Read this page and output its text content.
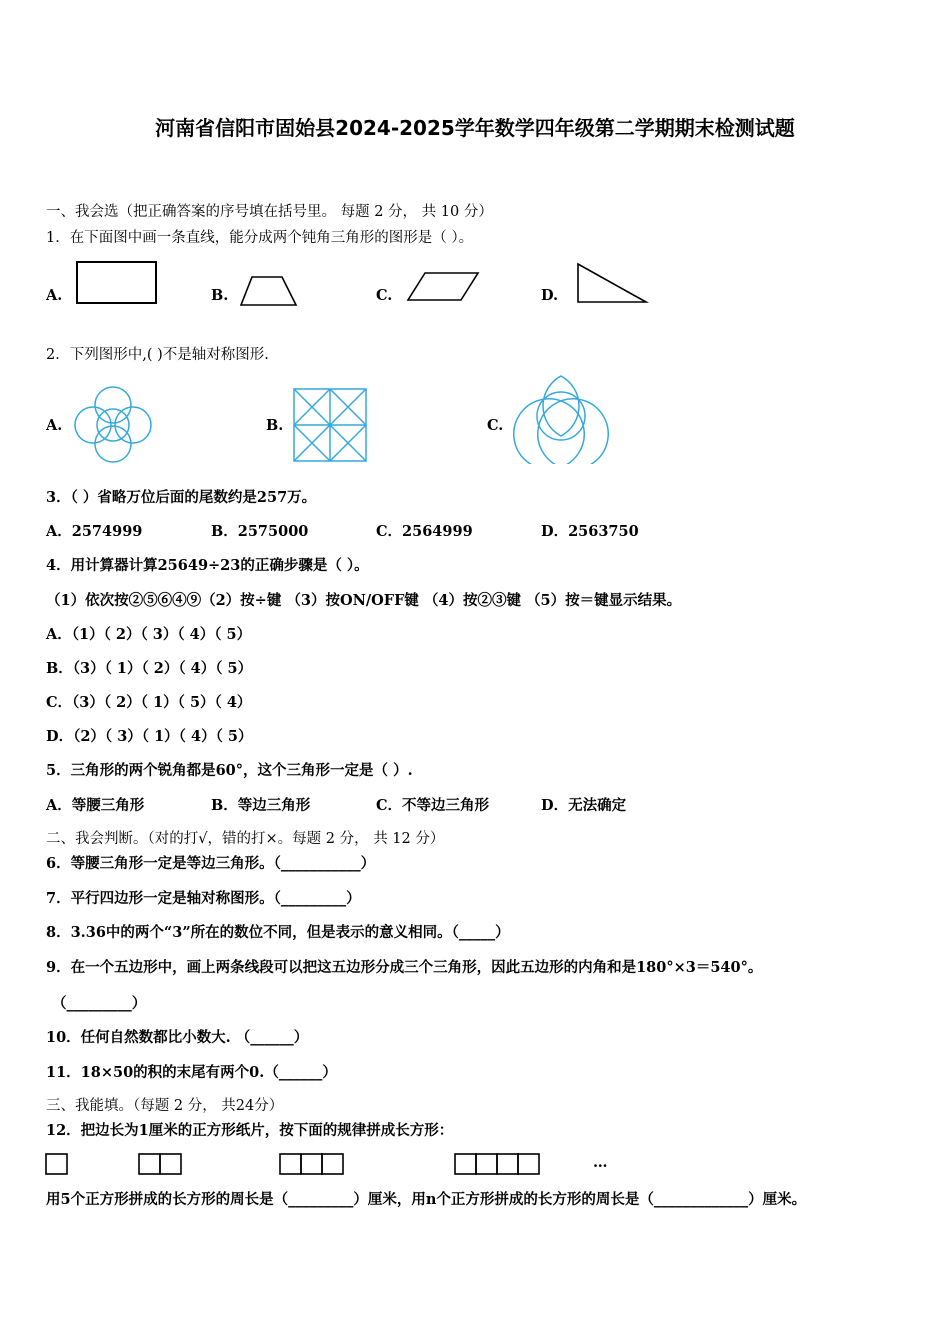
河南省信阳市固始县2024-2025学年数学四年级第二学期期末检测试题
一、我会选（把正确答案的序号填在括号里。 每题 2 分， 共 10 分）
1．在下面图中画一条直线，能分成两个钝角三角形的图形是（ ）。
A.	B.	C.	D.
2．下列图形中,( )不是轴对称图形.
A.	B.	C.
3．（ ）省略万位后面的尾数约是257万。
A．2574999	B．2575000	C．2564999	D．2563750
4．用计算器计算25649÷23的正确步骤是（ ）。
（1）依次按②⑤⑥④⑨（2）按÷键 （3）按ON/OFF键 （4）按②③键 （5）按＝键显示结果。
A．（1）（ 2）（ 3）（ 4）（ 5）
B．（3）（ 1）（ 2）（ 4）（ 5）
C．（3）（ 2）（ 1）（ 5）（ 4）
D．（2）（ 3）（ 1）（ 4）（ 5）
5．三角形的两个锐角都是60°，这个三角形一定是（ ）.
A．等腰三角形	B．等边三角形	C．不等边三角形	D．无法确定
二、我会判断。（对的打√，错的打×。每题 2 分， 共 12 分）
6．等腰三角形一定是等边三角形。（___________）
7．平行四边形一定是轴对称图形。（_________）
8．3.36中的两个“3”所在的数位不同，但是表示的意义相同。（_____）
9．在一个五边形中，画上两条线段可以把这五边形分成三个三角形，因此五边形的内角和是180°×3＝540°。
（_________）
10．任何自然数都比小数大. （______）
11．18×50的积的末尾有两个0.（______）
三、我能填。（每题 2 分， 共24分）
12．把边长为1厘米的正方形纸片，按下面的规律拼成长方形：
…
用5个正方形拼成的长方形的周长是（_________）厘米，用n个正方形拼成的长方形的周长是（_____________）厘米。
